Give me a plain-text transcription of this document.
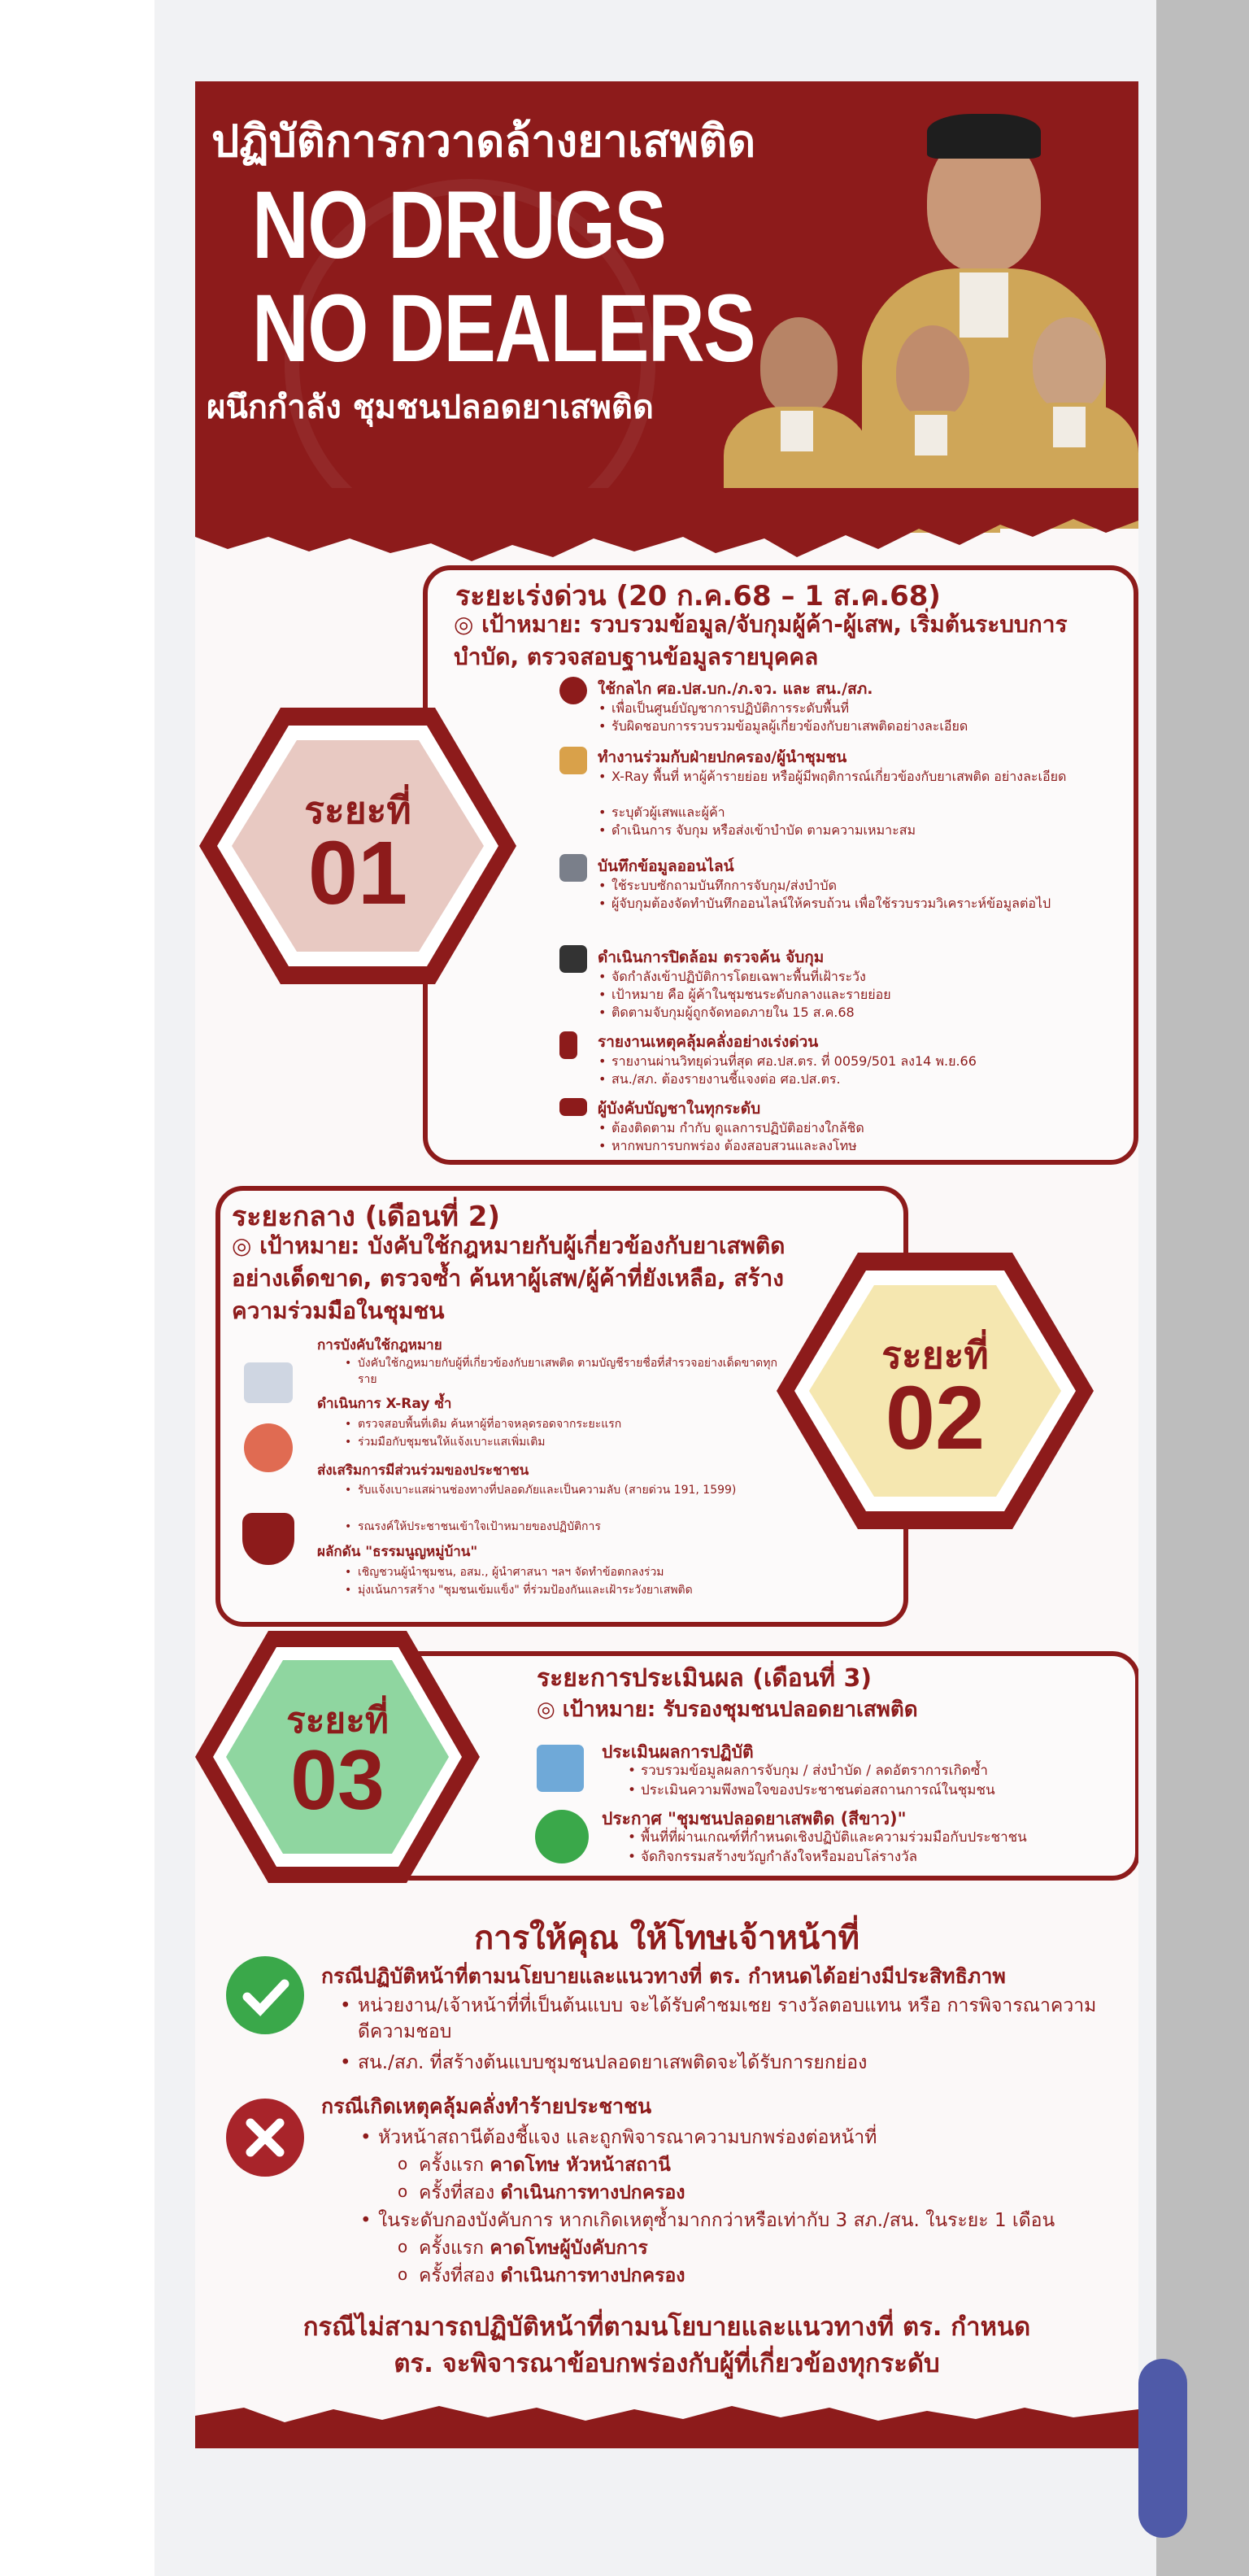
ปฏิบัติการกวาดล้างยาเสพติด
NO DRUGS
NO DEALERS
ผนึกกำลัง ชุมชนปลอดยาเสพติด
ระยะที่
01
ระยะเร่งด่วน (20 ก.ค.68 – 1 ส.ค.68)
◎ เป้าหมาย: รวบรวมข้อมูล/จับกุมผู้ค้า-ผู้เสพ, เริ่มต้นระบบการบำบัด, ตรวจสอบฐานข้อมูลรายบุคคล
ใช้กลไก ศอ.ปส.บก./ภ.จว. และ สน./สภ.
• เพื่อเป็นศูนย์บัญชาการปฏิบัติการระดับพื้นที่
• รับผิดชอบการรวบรวมข้อมูลผู้เกี่ยวข้องกับยาเสพติดอย่างละเอียด
ทำงานร่วมกับฝ่ายปกครอง/ผู้นำชุมชน
• X-Ray พื้นที่ หาผู้ค้ารายย่อย หรือผู้มีพฤติการณ์เกี่ยวข้องกับยาเสพติด อย่างละเอียด
• ระบุตัวผู้เสพและผู้ค้า
• ดำเนินการ จับกุม หรือส่งเข้าบำบัด ตามความเหมาะสม
บันทึกข้อมูลออนไลน์
• ใช้ระบบซักถามบันทึกการจับกุม/ส่งบำบัด
• ผู้จับกุมต้องจัดทำบันทึกออนไลน์ให้ครบถ้วน เพื่อใช้รวบรวมวิเคราะห์ข้อมูลต่อไป
ดำเนินการปิดล้อม ตรวจค้น จับกุม
• จัดกำลังเข้าปฏิบัติการโดยเฉพาะพื้นที่เฝ้าระวัง
• เป้าหมาย คือ ผู้ค้าในชุมชนระดับกลางและรายย่อย
• ติดตามจับกุมผู้ถูกจัดทอดภายใน 15 ส.ค.68
รายงานเหตุคลุ้มคลั่งอย่างเร่งด่วน
• รายงานผ่านวิทยุด่วนที่สุด ศอ.ปส.ตร. ที่ 0059/501 ลง14 พ.ย.66
• สน./สภ. ต้องรายงานชี้แจงต่อ ศอ.ปส.ตร.
ผู้บังคับบัญชาในทุกระดับ
• ต้องติดตาม กำกับ ดูแลการปฏิบัติอย่างใกล้ชิด
• หากพบการบกพร่อง ต้องสอบสวนและลงโทษ
ระยะที่
02
ระยะกลาง (เดือนที่ 2)
◎ เป้าหมาย: บังคับใช้กฎหมายกับผู้เกี่ยวข้องกับยาเสพติด อย่างเด็ดขาด, ตรวจซ้ำ ค้นหาผู้เสพ/ผู้ค้าที่ยังเหลือ, สร้างความร่วมมือในชุมชน
การบังคับใช้กฎหมาย
• บังคับใช้กฎหมายกับผู้ที่เกี่ยวข้องกับยาเสพติด ตามบัญชีรายชื่อที่สำรวจอย่างเด็ดขาดทุกราย
ดำเนินการ X-Ray ซ้ำ
• ตรวจสอบพื้นที่เดิม ค้นหาผู้ที่อาจหลุดรอดจากระยะแรก
• ร่วมมือกับชุมชนให้แจ้งเบาะแสเพิ่มเติม
ส่งเสริมการมีส่วนร่วมของประชาชน
• รับแจ้งเบาะแสผ่านช่องทางที่ปลอดภัยและเป็นความลับ (สายด่วน 191, 1599)
• รณรงค์ให้ประชาชนเข้าใจเป้าหมายของปฏิบัติการ
ผลักดัน "ธรรมนูญหมู่บ้าน"
• เชิญชวนผู้นำชุมชน, อสม., ผู้นำศาสนา ฯลฯ จัดทำข้อตกลงร่วม
• มุ่งเน้นการสร้าง "ชุมชนเข้มแข็ง" ที่ร่วมป้องกันและเฝ้าระวังยาเสพติด
ระยะที่
03
ระยะการประเมินผล (เดือนที่ 3)
◎ เป้าหมาย: รับรองชุมชนปลอดยาเสพติด
ประเมินผลการปฏิบัติ
• รวบรวมข้อมูลผลการจับกุม / ส่งบำบัด / ลดอัตราการเกิดซ้ำ
• ประเมินความพึงพอใจของประชาชนต่อสถานการณ์ในชุมชน
ประกาศ "ชุมชนปลอดยาเสพติด (สีขาว)"
• พื้นที่ที่ผ่านเกณฑ์ที่กำหนดเชิงปฏิบัติและความร่วมมือกับประชาชน
• จัดกิจกรรมสร้างขวัญกำลังใจหรือมอบโล่รางวัล
การให้คุณ ให้โทษเจ้าหน้าที่
กรณีปฏิบัติหน้าที่ตามนโยบายและแนวทางที่ ตร. กำหนดได้อย่างมีประสิทธิภาพ
• หน่วยงาน/เจ้าหน้าที่ที่เป็นต้นแบบ จะได้รับคำชมเชย รางวัลตอบแทน หรือ การพิจารณาความดีความชอบ
• สน./สภ. ที่สร้างต้นแบบชุมชนปลอดยาเสพติดจะได้รับการยกย่อง
กรณีเกิดเหตุคลุ้มคลั่งทำร้ายประชาชน
• หัวหน้าสถานีต้องชี้แจง และถูกพิจารณาความบกพร่องต่อหน้าที่
o ครั้งแรก คาดโทษ หัวหน้าสถานี
o ครั้งที่สอง ดำเนินการทางปกครอง
• ในระดับกองบังคับการ หากเกิดเหตุซ้ำมากกว่าหรือเท่ากับ 3 สภ./สน. ในระยะ 1 เดือน
o ครั้งแรก คาดโทษผู้บังคับการ
o ครั้งที่สอง ดำเนินการทางปกครอง
กรณีไม่สามารถปฏิบัติหน้าที่ตามนโยบายและแนวทางที่ ตร. กำหนด
ตร. จะพิจารณาข้อบกพร่องกับผู้ที่เกี่ยวข้องทุกระดับ
